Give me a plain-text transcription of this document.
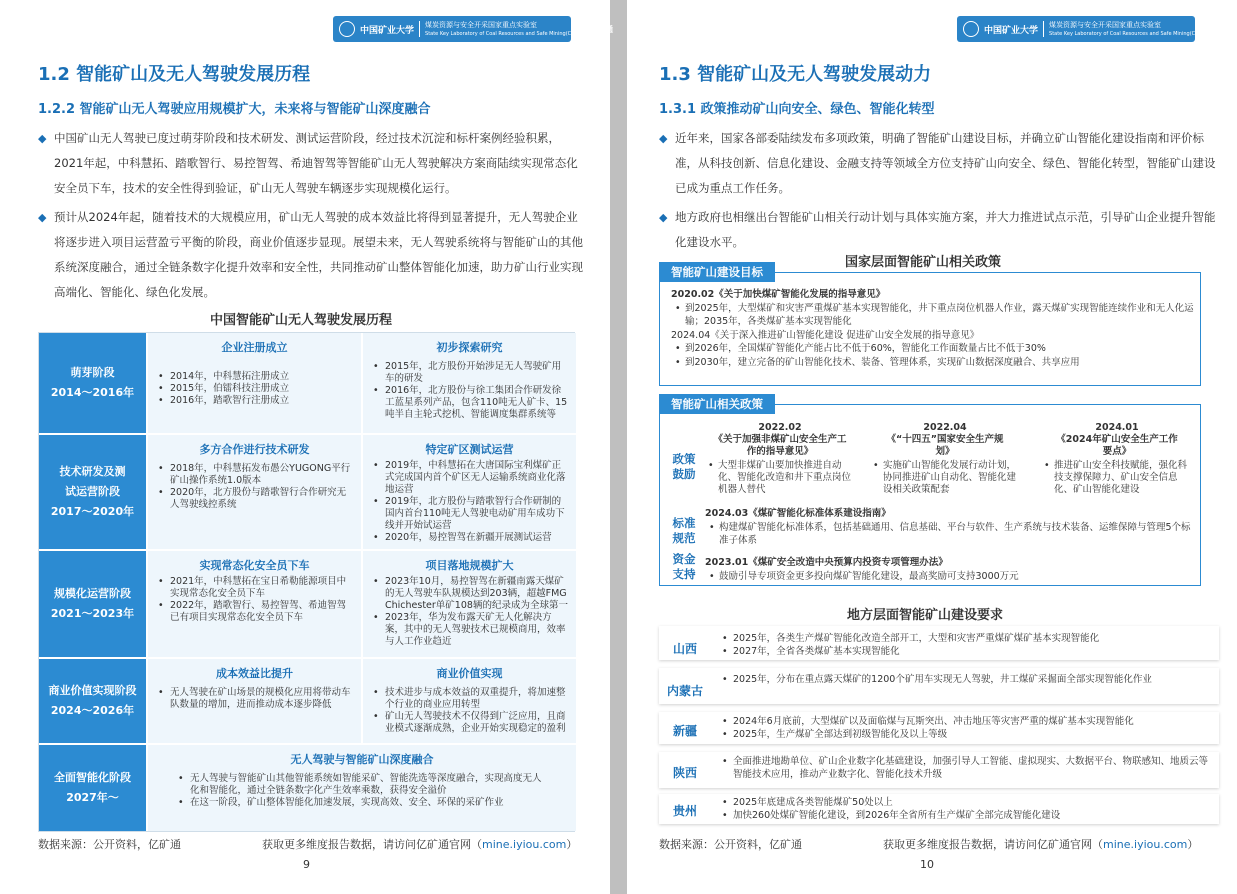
中国矿业大学
煤炭资源与安全开采国家重点实验室
State Key Laboratory of Coal Resources and Safe Mining(CUMT) 亿矿通
1.2 智能矿山及无人驾驶发展历程
1.2.2 智能矿山无人驾驶应用规模扩大，未来将与智能矿山深度融合
◆ 中国矿山无人驾驶已度过萌芽阶段和技术研发、测试运营阶段，经过技术沉淀和标杆案例经验积累，2021年起，中科慧拓、踏歌智行、易控智驾、希迪智驾等智能矿山无人驾驶解决方案商陆续实现常态化安全员下车，技术的安全性得到验证，矿山无人驾驶车辆逐步实现规模化运行。
◆ 预计从2024年起，随着技术的大规模应用，矿山无人驾驶的成本效益比将得到显著提升，无人驾驶企业将逐步进入项目运营盈亏平衡的阶段，商业价值逐步显现。展望未来，无人驾驶系统将与智能矿山的其他系统深度融合，通过全链条数字化提升效率和安全性，共同推动矿山整体智能化加速，助力矿山行业实现高端化、智能化、绿色化发展。
中国智能矿山无人驾驶发展历程
萌芽阶段
2014～2016年
企业注册成立
• 2014年，中科慧拓注册成立
• 2015年，伯镭科技注册成立
• 2016年，踏歌智行注册成立
初步探索研究
• 2015年，北方股份开始涉足无人驾驶矿用车的研发
• 2016年，北方股份与徐工集团合作研发徐工蓝星系列产品，包含110吨无人矿卡、15吨半自主轮式挖机、智能调度集群系统等
技术研发及测试运营阶段
2017～2020年
多方合作进行技术研发
• 2018年，中科慧拓发布愚公YUGONG平行矿山操作系统1.0版本
• 2020年，北方股份与踏歌智行合作研究无人驾驶线控系统
特定矿区测试运营
• 2019年，中科慧拓在大唐国际宝利煤矿正式完成国内首个矿区无人运输系统商业化落地运营
• 2019年，北方股份与踏歌智行合作研制的国内首台110吨无人驾驶电动矿用车成功下线并开始试运营
• 2020年，易控智驾在新疆开展测试运营
规模化运营阶段
2021～2023年
实现常态化安全员下车
• 2021年，中科慧拓在宝日希勒能源项目中实现常态化安全员下车
• 2022年，踏歌智行、易控智驾、希迪智驾已有项目实现常态化安全员下车
项目落地规模扩大
• 2023年10月，易控智驾在新疆南露天煤矿的无人驾驶车队规模达到203辆，超越FMG Chichester单矿108辆的纪录成为全球第一
• 2023年，华为发布露天矿无人化解决方案，其中的无人驾驶技术已规模商用，效率与人工作业趋近
商业价值实现阶段
2024～2026年
成本效益比提升
• 无人驾驶在矿山场景的规模化应用将带动车队数量的增加，进而推动成本逐步降低
商业价值实现
• 技术进步与成本效益的双重提升，将加速整个行业的商业应用转型
• 矿山无人驾驶技术不仅得到广泛应用，且商业模式逐渐成熟，企业开始实现稳定的盈利
全面智能化阶段
2027年～
无人驾驶与智能矿山深度融合
• 无人驾驶与智能矿山其他智能系统如智能采矿、智能洗选等深度融合，实现高度无人化和智能化，通过全链条数字化产生效率乘数，获得安全溢价
• 在这一阶段，矿山整体智能化加速发展，实现高效、安全、环保的采矿作业
数据来源：公开资料，亿矿通	获取更多维度报告数据，请访问亿矿通官网（mine.iyiou.com）
9
中国矿业大学
煤炭资源与安全开采国家重点实验室
State Key Laboratory of Coal Resources and Safe Mining(CUMT) 亿矿通
1.3 智能矿山及无人驾驶发展动力
1.3.1 政策推动矿山向安全、绿色、智能化转型
◆ 近年来，国家各部委陆续发布多项政策，明确了智能矿山建设目标，并确立矿山智能化建设指南和评价标准，从科技创新、信息化建设、金融支持等领域全方位支持矿山向安全、绿色、智能化转型，智能矿山建设已成为重点工作任务。
◆ 地方政府也相继出台智能矿山相关行动计划与具体实施方案，并大力推进试点示范，引导矿山企业提升智能化建设水平。
国家层面智能矿山相关政策
智能矿山建设目标
2020.02《关于加快煤矿智能化发展的指导意见》
• 到2025年，大型煤矿和灾害严重煤矿基本实现智能化，井下重点岗位机器人作业，露天煤矿实现智能连续作业和无人化运输；2035年，各类煤矿基本实现智能化
2024.04《关于深入推进矿山智能化建设 促进矿山安全发展的指导意见》
• 到2026年，全国煤矿智能化产能占比不低于60%，智能化工作面数量占比不低于30%
• 到2030年，建立完备的矿山智能化技术、装备、管理体系，实现矿山数据深度融合、共享应用
智能矿山相关政策
政策鼓励
2022.02
《关于加强非煤矿山安全生产工作的指导意见》
• 大型非煤矿山要加快推进自动化、智能化改造和井下重点岗位机器人替代
2022.04
《“十四五”国家安全生产规划》
• 实施矿山智能化发展行动计划，协同推进矿山自动化、智能化建设相关政策配套
2024.01
《2024年矿山安全生产工作要点》
• 推进矿山安全科技赋能，强化科技支撑保障力、矿山安全信息化、矿山智能化建设
标准规范
2024.03《煤矿智能化标准体系建设指南》
• 构建煤矿智能化标准体系，包括基础通用、信息基础、平台与软件、生产系统与技术装备、运维保障与管理5个标准子体系
资金支持
2023.01《煤矿安全改造中央预算内投资专项管理办法》
• 鼓励引导专项资金更多投向煤矿智能化建设，最高奖励可支持3000万元
地方层面智能矿山建设要求
山西
• 2025年，各类生产煤矿智能化改造全部开工，大型和灾害严重煤矿煤矿基本实现智能化
• 2027年，全省各类煤矿基本实现智能化
内蒙古
• 2025年，分布在重点露天煤矿的1200个矿用车实现无人驾驶，井工煤矿采掘面全部实现智能化作业
新疆
• 2024年6月底前，大型煤矿以及面临煤与瓦斯突出、冲击地压等灾害严重的煤矿基本实现智能化
• 2025年，生产煤矿全部达到初级智能化及以上等级
陕西
• 全面推进地勘单位、矿山企业数字化基础建设，加强引导人工智能、虚拟现实、大数据平台、物联感知、地质云等智能技术应用，推动产业数字化、智能化技术升级
贵州
• 2025年底建成各类智能煤矿50处以上
• 加快260处煤矿智能化建设，到2026年全省所有生产煤矿全部完成智能化建设
数据来源：公开资料，亿矿通	获取更多维度报告数据，请访问亿矿通官网（mine.iyiou.com）
10
